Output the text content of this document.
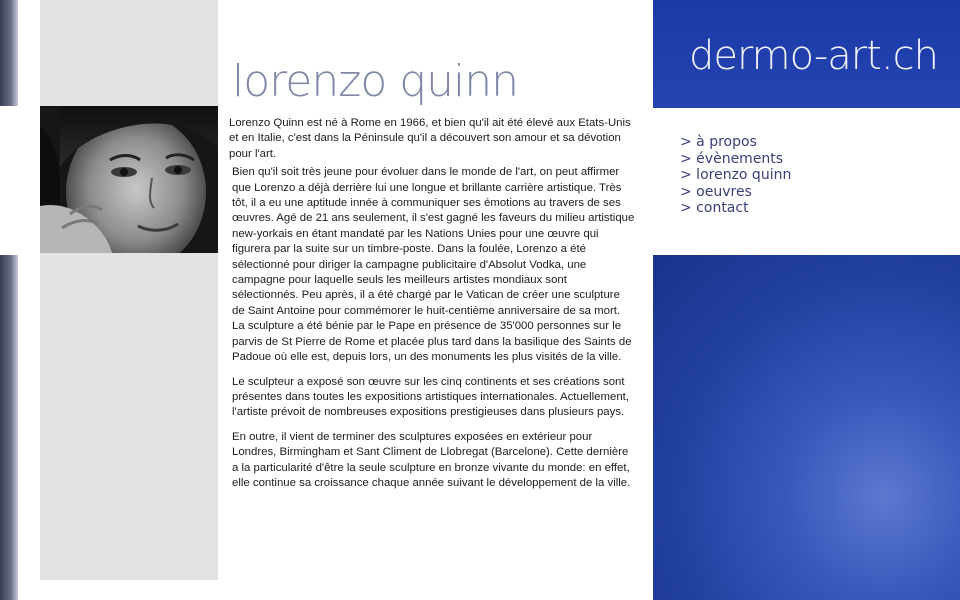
lorenzo quinn

Lorenzo Quinn est né à Rome en 1966, et bien qu'il ait été élevé aux Etats-Unis et en Italie, c'est dans la Péninsule qu'il a découvert son amour et sa dévotion pour l'art.

Bien qu'il soit très jeune pour évoluer dans le monde de l'art, on peut affirmer que Lorenzo a déjà derrière lui une longue et brillante carrière artistique. Très tôt, il a eu une aptitude innée à communiquer ses émotions au travers de ses œuvres. Agé de 21 ans seulement, il s'est gagné les faveurs du milieu artistique new-yorkais en étant mandaté par les Nations Unies pour une œuvre qui figurera par la suite sur un timbre-poste. Dans la foulée, Lorenzo a été sélectionné pour diriger la campagne publicitaire d'Absolut Vodka, une campagne pour laquelle seuls les meilleurs artistes mondiaux sont sélectionnés. Peu après, il a été chargé par le Vatican de créer une sculpture de Saint Antoine pour commémorer le huit-centième anniversaire de sa mort. La sculpture a été bénie par le Pape en présence de 35'000 personnes sur le parvis de St Pierre de Rome et placée plus tard dans la basilique des Saints de Padoue où elle est, depuis lors, un des monuments les plus visités de la ville.

Le sculpteur a exposé son œuvre sur les cinq continents et ses créations sont présentes dans toutes les expositions artistiques internationales. Actuellement, l'artiste prévoit de nombreuses expositions prestigieuses dans plusieurs pays.

En outre, il vient de terminer des sculptures exposées en extérieur pour Londres, Birmingham et Sant Climent de Llobregat (Barcelone). Cette dernière a la particularité d'être la seule sculpture en bronze vivante du monde: en effet, elle continue sa croissance chaque année suivant le développement de la ville.

dermo-art.ch
> à propos
> évènements
> lorenzo quinn
> oeuvres
> contact
